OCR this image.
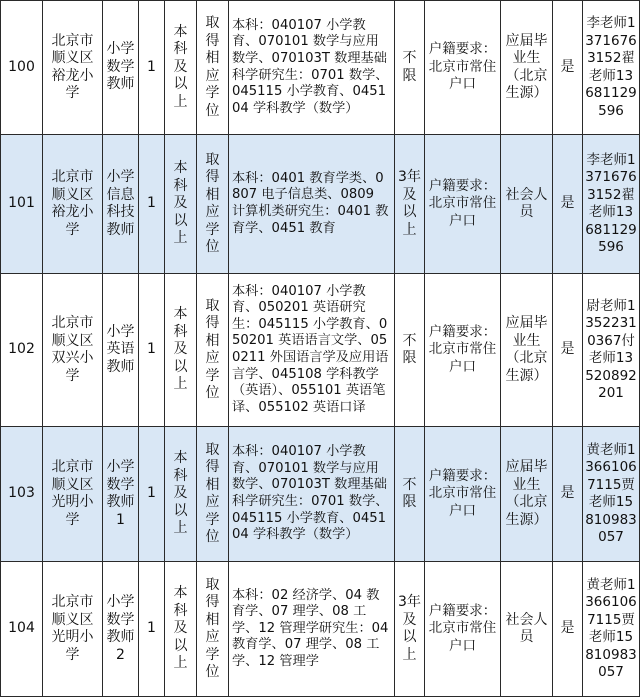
100	北京市顺义区裕龙小学	小学数学教师	1	本科及以上	取得相应学位	本科：040107 小学教育、070101 数学与应用数学、070103T 数理基础科学研究生：0701 数学、045115 小学教育、045104 学科教学（数学）	不限	户籍要求：北京市常住户口	应届毕业生（北京生源）	是	李老师13716763152翟老师13681129596
101	北京市顺义区裕龙小学	小学信息科技教师	1	本科及以上	取得相应学位	本科：0401 教育学类、0807 电子信息类、0809 计算机类研究生：0401 教育学、0451 教育	3年及以上	户籍要求：北京市常住户口	社会人员	是	李老师13716763152翟老师13681129596
102	北京市顺义区双兴小学	小学英语教师	1	本科及以上	取得相应学位	本科：040107 小学教育、050201 英语研究生：045115 小学教育、050201 英语语言文学、050211 外国语言学及应用语言学、045108 学科教学（英语）、055101 英语笔译、055102 英语口译	不限	户籍要求：北京市常住户口	应届毕业生（北京生源）	是	尉老师13522310367付老师13520892201
103	北京市顺义区光明小学	小学数学教师1	1	本科及以上	取得相应学位	本科：040107 小学教育、070101 数学与应用数学、070103T 数理基础科学研究生：0701 数学、045115 小学教育、045104 学科教学（数学）	不限	户籍要求：北京市常住户口	应届毕业生（北京生源）	是	黄老师13661067115贾老师15810983057
104	北京市顺义区光明小学	小学数学教师2	1	本科及以上	取得相应学位	本科：02 经济学、04 教育学、07 理学、08 工学、12 管理学研究生：04 教育学、07 理学、08 工学、12 管理学	3年及以上	户籍要求：北京市常住户口	社会人员	是	黄老师13661067115贾老师15810983057
